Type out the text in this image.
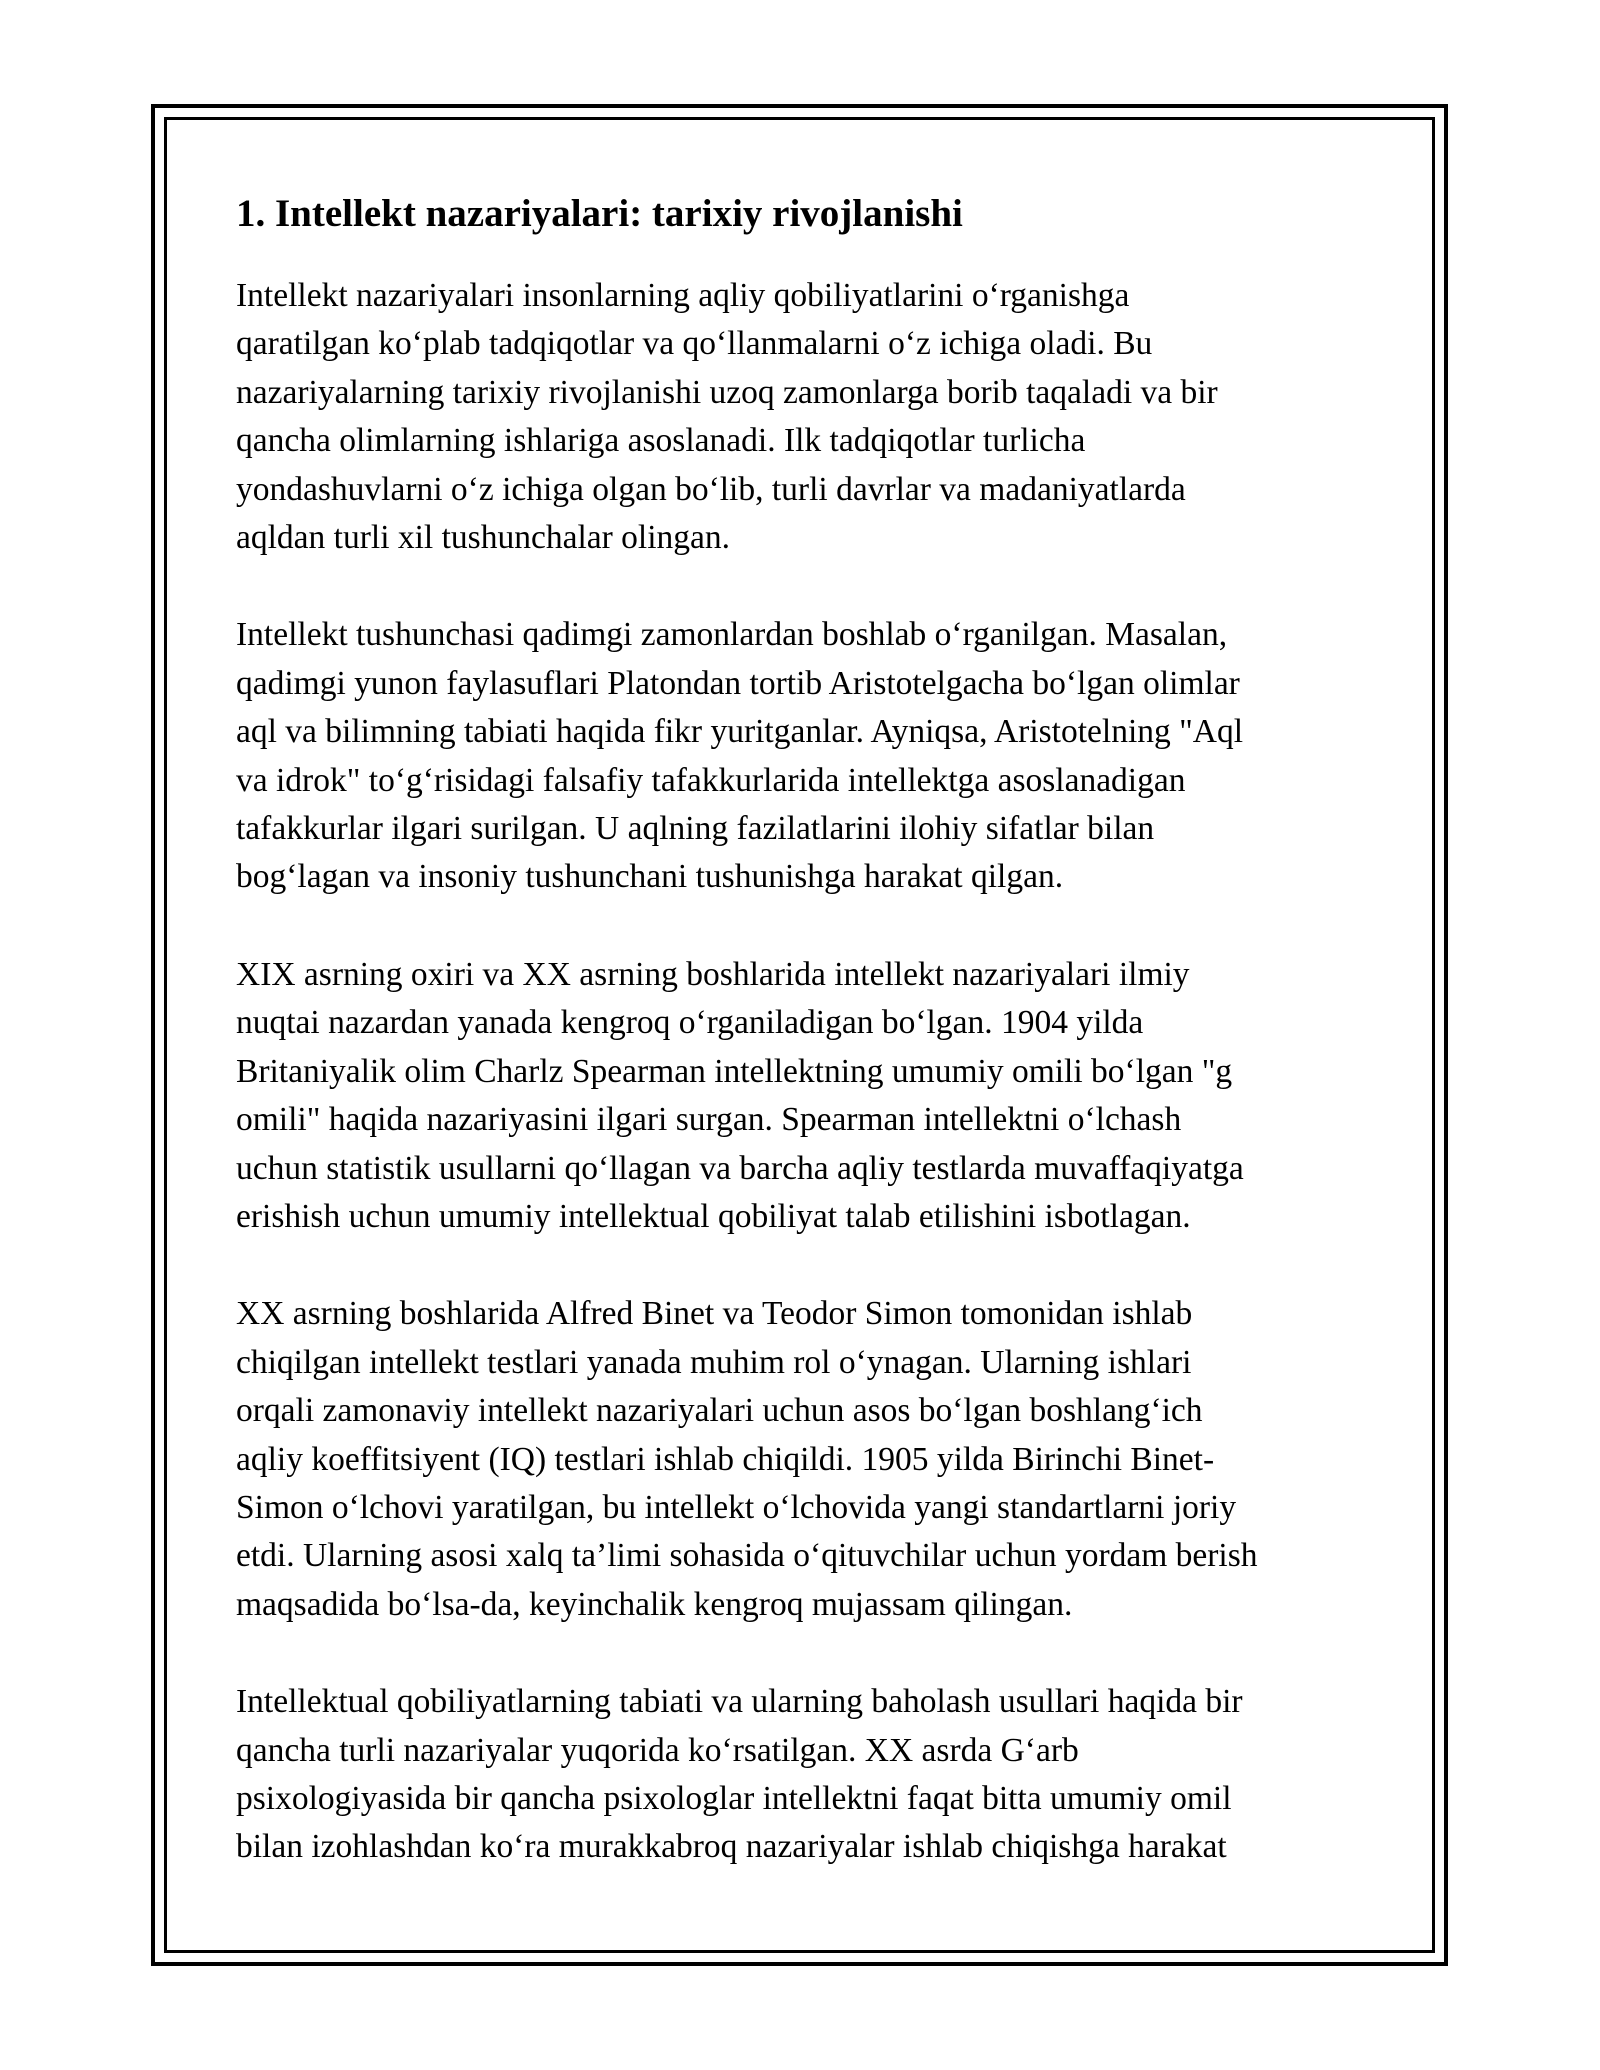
1. Intellekt nazariyalari: tarixiy rivojlanishi

Intellekt nazariyalari insonlarning aqliy qobiliyatlarini o‘rganishga
qaratilgan ko‘plab tadqiqotlar va qo‘llanmalarni o‘z ichiga oladi. Bu
nazariyalarning tarixiy rivojlanishi uzoq zamonlarga borib taqaladi va bir
qancha olimlarning ishlariga asoslanadi. Ilk tadqiqotlar turlicha
yondashuvlarni o‘z ichiga olgan bo‘lib, turli davrlar va madaniyatlarda
aqldan turli xil tushunchalar olingan.

Intellekt tushunchasi qadimgi zamonlardan boshlab o‘rganilgan. Masalan,
qadimgi yunon faylasuflari Platondan tortib Aristotelgacha bo‘lgan olimlar
aql va bilimning tabiati haqida fikr yuritganlar. Ayniqsa, Aristotelning "Aql
va idrok" to‘g‘risidagi falsafiy tafakkurlarida intellektga asoslanadigan
tafakkurlar ilgari surilgan. U aqlning fazilatlarini ilohiy sifatlar bilan
bog‘lagan va insoniy tushunchani tushunishga harakat qilgan.

XIX asrning oxiri va XX asrning boshlarida intellekt nazariyalari ilmiy
nuqtai nazardan yanada kengroq o‘rganiladigan bo‘lgan. 1904 yilda
Britaniyalik olim Charlz Spearman intellektning umumiy omili bo‘lgan "g
omili" haqida nazariyasini ilgari surgan. Spearman intellektni o‘lchash
uchun statistik usullarni qo‘llagan va barcha aqliy testlarda muvaffaqiyatga
erishish uchun umumiy intellektual qobiliyat talab etilishini isbotlagan.

XX asrning boshlarida Alfred Binet va Teodor Simon tomonidan ishlab
chiqilgan intellekt testlari yanada muhim rol o‘ynagan. Ularning ishlari
orqali zamonaviy intellekt nazariyalari uchun asos bo‘lgan boshlang‘ich
aqliy koeffitsiyent (IQ) testlari ishlab chiqildi. 1905 yilda Birinchi Binet-
Simon o‘lchovi yaratilgan, bu intellekt o‘lchovida yangi standartlarni joriy
etdi. Ularning asosi xalq ta’limi sohasida o‘qituvchilar uchun yordam berish
maqsadida bo‘lsa-da, keyinchalik kengroq mujassam qilingan.

Intellektual qobiliyatlarning tabiati va ularning baholash usullari haqida bir
qancha turli nazariyalar yuqorida ko‘rsatilgan. XX asrda G‘arb
psixologiyasida bir qancha psixologlar intellektni faqat bitta umumiy omil
bilan izohlashdan ko‘ra murakkabroq nazariyalar ishlab chiqishga harakat
